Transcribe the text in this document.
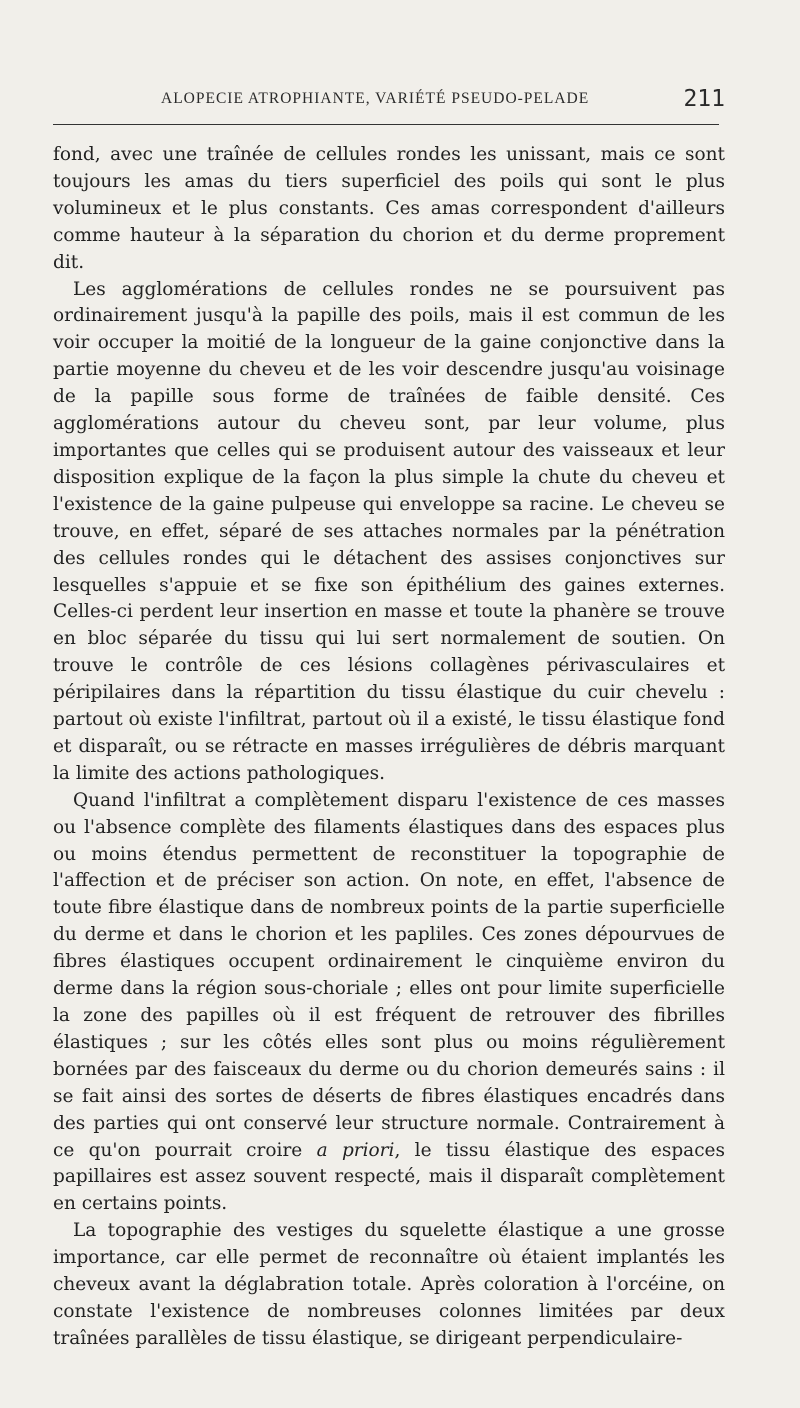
ALOPECIE ATROPHIANTE, VARIÉTÉ PSEUDO-PELADE	211

fond, avec une traînée de cellules rondes les unissant, mais ce sont toujours les amas du tiers superficiel des poils qui sont le plus volumineux et le plus constants. Ces amas correspondent d'ailleurs comme hauteur à la séparation du chorion et du derme proprement dit.

Les agglomérations de cellules rondes ne se poursuivent pas ordinairement jusqu'à la papille des poils, mais il est commun de les voir occuper la moitié de la longueur de la gaine conjonctive dans la partie moyenne du cheveu et de les voir descendre jusqu'au voisinage de la papille sous forme de traînées de faible densité. Ces agglomérations autour du cheveu sont, par leur volume, plus importantes que celles qui se produisent autour des vaisseaux et leur disposition explique de la façon la plus simple la chute du cheveu et l'existence de la gaine pulpeuse qui enveloppe sa racine. Le cheveu se trouve, en effet, séparé de ses attaches normales par la pénétration des cellules rondes qui le détachent des assises conjonctives sur lesquelles s'appuie et se fixe son épithélium des gaines externes. Celles-ci perdent leur insertion en masse et toute la phanère se trouve en bloc séparée du tissu qui lui sert normalement de soutien. On trouve le contrôle de ces lésions collagènes périvasculaires et péripilaires dans la répartition du tissu élastique du cuir chevelu : partout où existe l'infiltrat, partout où il a existé, le tissu élastique fond et disparaît, ou se rétracte en masses irrégulières de débris marquant la limite des actions pathologiques.

Quand l'infiltrat a complètement disparu l'existence de ces masses ou l'absence complète des filaments élastiques dans des espaces plus ou moins étendus permettent de reconstituer la topographie de l'affection et de préciser son action. On note, en effet, l'absence de toute fibre élastique dans de nombreux points de la partie superficielle du derme et dans le chorion et les papliles. Ces zones dépourvues de fibres élastiques occupent ordinairement le cinquième environ du derme dans la région sous-choriale ; elles ont pour limite superficielle la zone des papilles où il est fréquent de retrouver des fibrilles élastiques ; sur les côtés elles sont plus ou moins régulièrement bornées par des faisceaux du derme ou du chorion demeurés sains : il se fait ainsi des sortes de déserts de fibres élastiques encadrés dans des parties qui ont conservé leur structure normale. Contrairement à ce qu'on pourrait croire a priori, le tissu élastique des espaces papillaires est assez souvent respecté, mais il disparaît complètement en certains points.

La topographie des vestiges du squelette élastique a une grosse importance, car elle permet de reconnaître où étaient implantés les cheveux avant la déglabration totale. Après coloration à l'orcéine, on constate l'existence de nombreuses colonnes limitées par deux traînées parallèles de tissu élastique, se dirigeant perpendiculaire-
